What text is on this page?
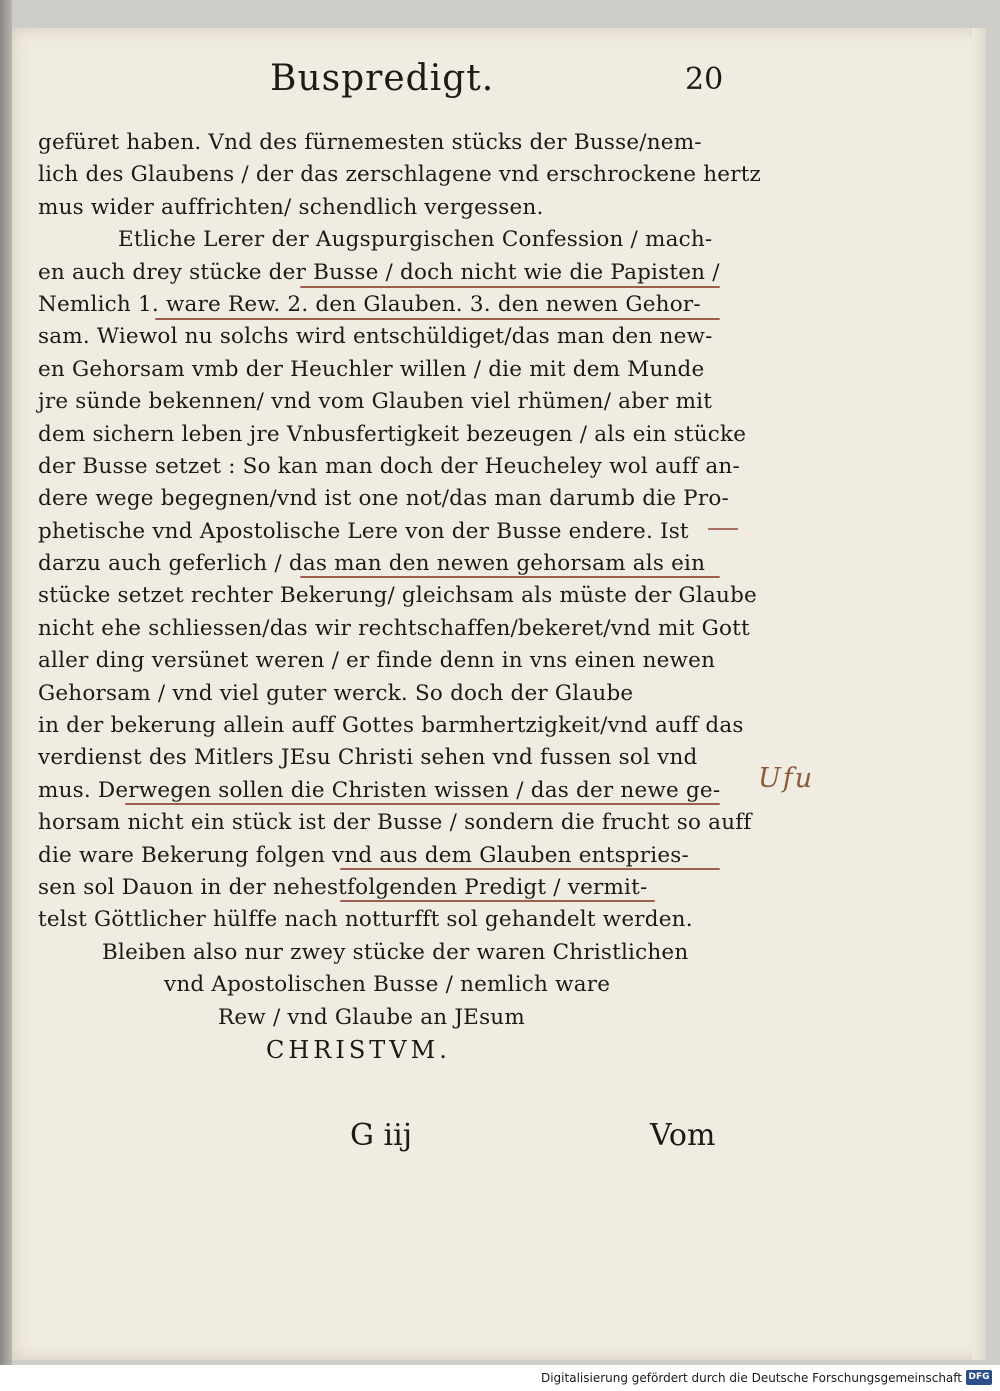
Buspredigt.	20
gefüret haben. Vnd des fürnemesten stücks der Busse/nem-
lich des Glaubens / der das zerschlagene vnd erschrockene hertz
mus wider auffrichten/ schendlich vergessen.
Etliche Lerer der Augspurgischen Confession / mach-
en auch drey stücke der Busse / doch nicht wie die Papisten /
Nemlich 1. ware Rew. 2. den Glauben. 3. den newen Gehor-
sam. Wiewol nu solchs wird entschüldiget/das man den new-
en Gehorsam vmb der Heuchler willen / die mit dem Munde
jre sünde bekennen/ vnd vom Glauben viel rhümen/ aber mit
dem sichern leben jre Vnbusfertigkeit bezeugen / als ein stücke
der Busse setzet : So kan man doch der Heucheley wol auff an-
dere wege begegnen/vnd ist one not/das man darumb die Pro-
phetische vnd Apostolische Lere von der Busse endere. Ist
darzu auch geferlich / das man den newen gehorsam als ein
stücke setzet rechter Bekerung/ gleichsam als müste der Glaube
nicht ehe schliessen/das wir rechtschaffen/bekeret/vnd mit Gott
aller ding versünet weren / er finde denn in vns einen newen
Gehorsam / vnd viel guter werck. So doch der Glaube
in der bekerung allein auff Gottes barmhertzigkeit/vnd auff das
verdienst des Mitlers JEsu Christi sehen vnd fussen sol vnd
mus. Derwegen sollen die Christen wissen / das der newe ge-
horsam nicht ein stück ist der Busse / sondern die frucht so auff
die ware Bekerung folgen vnd aus dem Glauben entspries-
sen sol Dauon in der nehestfolgenden Predigt / vermit-
telst Göttlicher hülffe nach notturfft sol gehandelt werden.
Bleiben also nur zwey stücke der waren Christlichen
vnd Apostolischen Busse / nemlich ware
Rew / vnd Glaube an JEsum
CHRISTVM.
Ufu
G iij	Vom
Digitalisierung gefördert durch die Deutsche Forschungsgemeinschaft DFG
